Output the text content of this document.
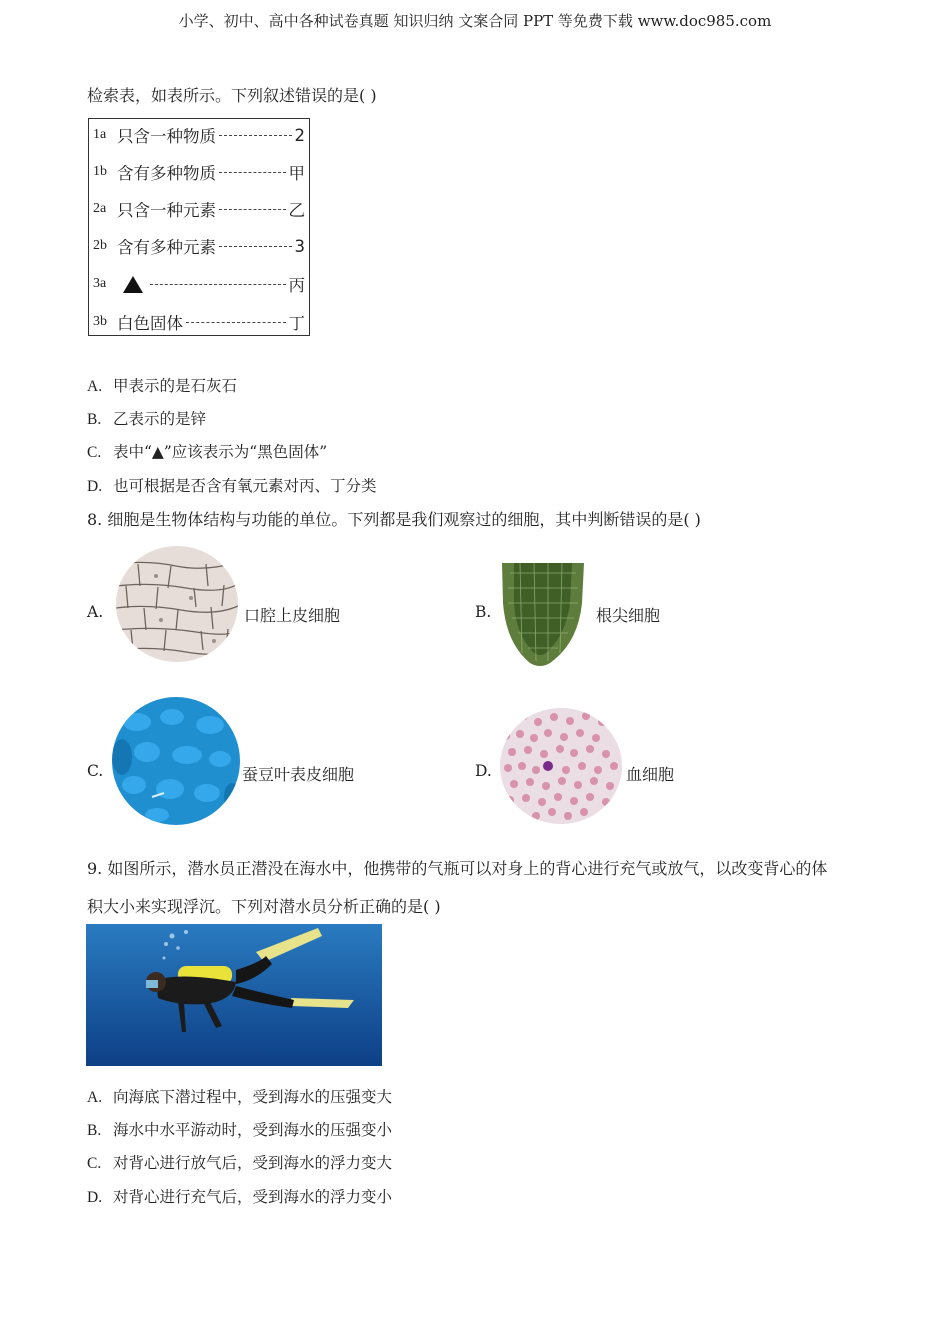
小学、初中、高中各种试卷真题 知识归纳 文案合同 PPT 等免费下载 www.doc985.com
检索表，如表所示。下列叙述错误的是( )
1a 只含一种物质	2
1b 含有多种物质	甲
2a 只含一种元素	乙
2b 含有多种元素	3
3a	丙
3b 白色固体	丁
A. 甲表示的是石灰石
B. 乙表示的是锌
C. 表中“▲”应该表示为“黑色固体”
D. 也可根据是否含有氧元素对丙、丁分类
8. 细胞是生物体结构与功能的单位。下列都是我们观察过的细胞，其中判断错误的是( )
A.	口腔上皮细胞	B.	根尖细胞
C.	蚕豆叶表皮细胞	D.	血细胞
9. 如图所示，潜水员正潜没在海水中，他携带的气瓶可以对身上的背心进行充气或放气，以改变背心的体
积大小来实现浮沉。下列对潜水员分析正确的是( )
A. 向海底下潜过程中，受到海水的压强变大
B. 海水中水平游动时，受到海水的压强变小
C. 对背心进行放气后，受到海水的浮力变大
D. 对背心进行充气后，受到海水的浮力变小
